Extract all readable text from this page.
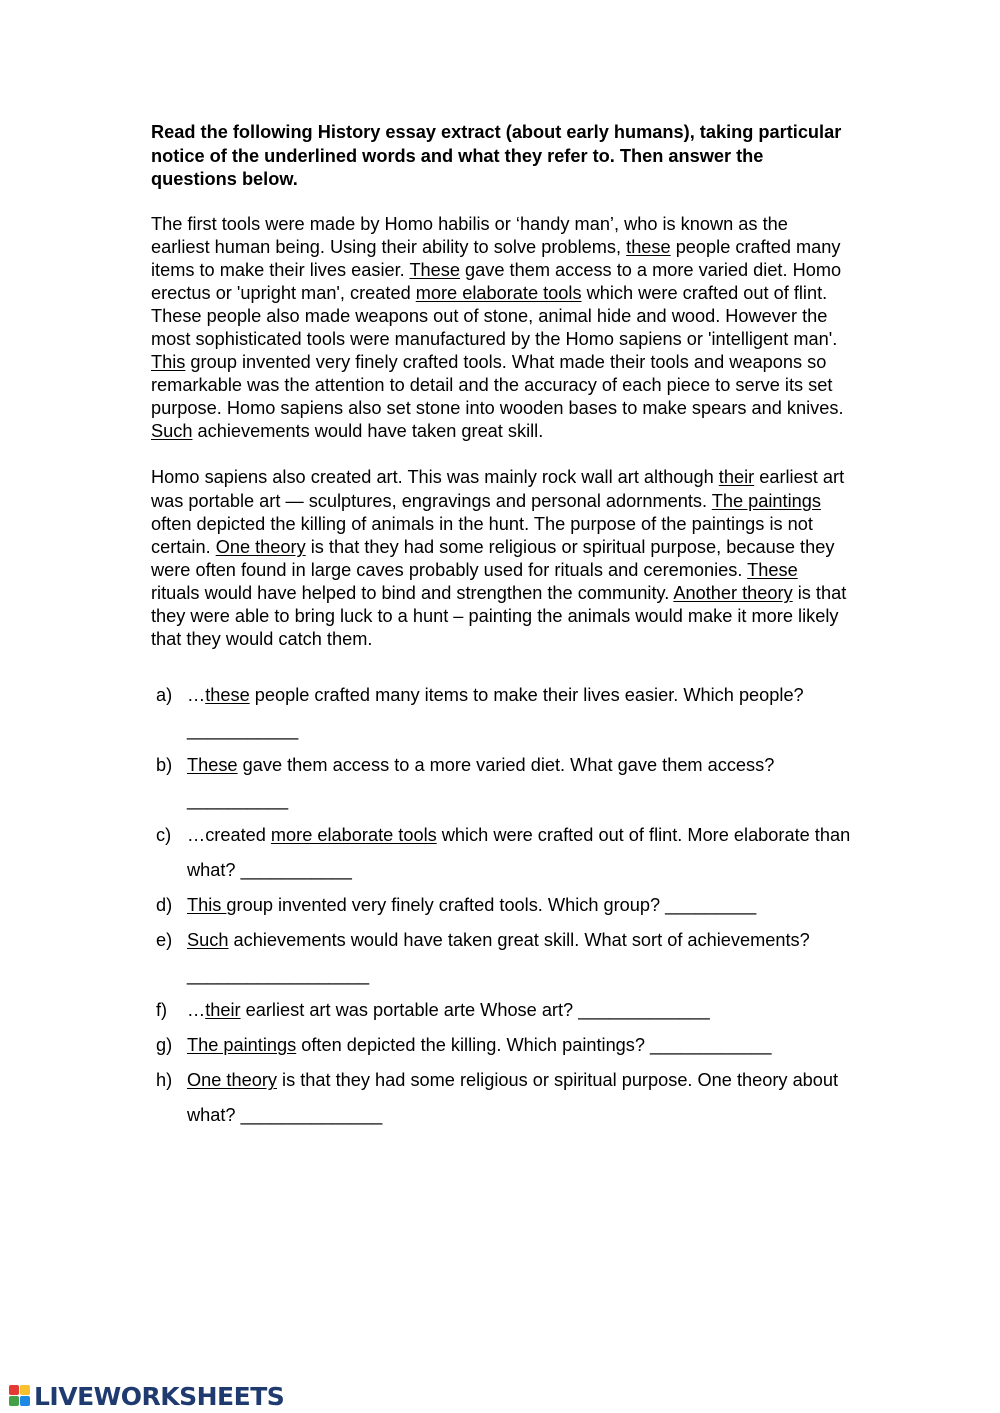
Read the following History essay extract (about early humans), taking particular notice of the underlined words and what they refer to. Then answer the questions below.

The first tools were made by Homo habilis or ‘handy man’, who is known as the earliest human being. Using their ability to solve problems, these people crafted many items to make their lives easier. These gave them access to a more varied diet. Homo erectus or 'upright man', created more elaborate tools which were crafted out of flint. These people also made weapons out of stone, animal hide and wood. However the most sophisticated tools were manufactured by the Homo sapiens or 'intelligent man'. This group invented very finely crafted tools. What made their tools and weapons so remarkable was the attention to detail and the accuracy of each piece to serve its set purpose. Homo sapiens also set stone into wooden bases to make spears and knives. Such achievements would have taken great skill.

Homo sapiens also created art. This was mainly rock wall art although their earliest art was portable art — sculptures, engravings and personal adornments. The paintings often depicted the killing of animals in the hunt. The purpose of the paintings is not certain. One theory is that they had some religious or spiritual purpose, because they were often found in large caves probably used for rituals and ceremonies. These rituals would have helped to bind and strengthen the community. Another theory is that they were able to bring luck to a hunt – painting the animals would make it more likely that they would catch them.

a) …these people crafted many items to make their lives easier. Which people? ___________
b) These gave them access to a more varied diet. What gave them access? __________
c) …created more elaborate tools which were crafted out of flint. More elaborate than what? ___________
d) This group invented very finely crafted tools. Which group? _________
e) Such achievements would have taken great skill. What sort of achievements? __________________
f) …their earliest art was portable arte Whose art? _____________
g) The paintings often depicted the killing. Which paintings? ____________
h) One theory is that they had some religious or spiritual purpose. One theory about what? ______________
LIVEWORKSHEETS
